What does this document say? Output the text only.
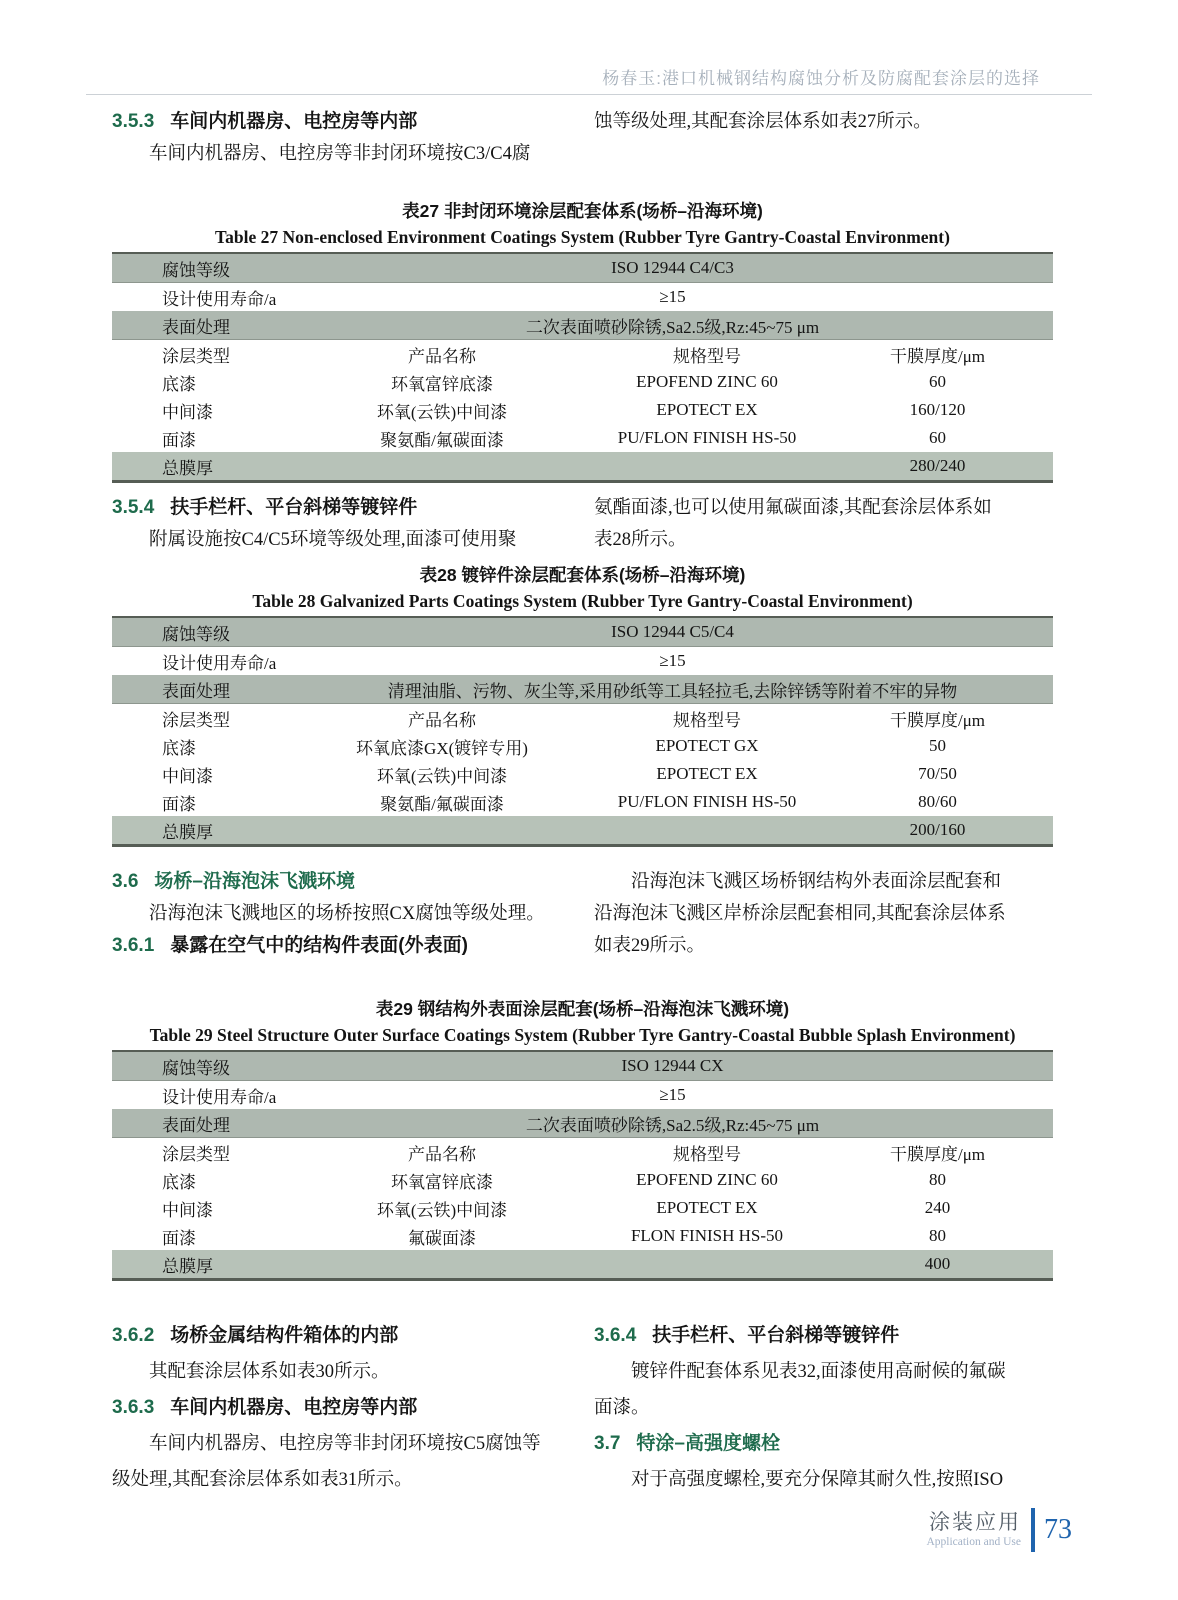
杨春玉:港口机械钢结构腐蚀分析及防腐配套涂层的选择
3.5.3 车间内机器房、电控房等内部
车间内机器房、电控房等非封闭环境按C3/C4腐
蚀等级处理,其配套涂层体系如表27所示。
表27 非封闭环境涂层配套体系(场桥–沿海环境)
Table 27 Non-enclosed Environment Coatings System (Rubber Tyre Gantry-Coastal Environment)
腐蚀等级	ISO 12944 C4/C3
设计使用寿命/a	≥15
表面处理	二次表面喷砂除锈,Sa2.5级,Rz:45~75 μm
涂层类型	产品名称	规格型号	干膜厚度/μm
底漆	环氧富锌底漆	EPOFEND ZINC 60	60
中间漆	环氧(云铁)中间漆	EPOTECT EX	160/120
面漆	聚氨酯/氟碳面漆	PU/FLON FINISH HS-50	60
总膜厚	280/240
3.5.4 扶手栏杆、平台斜梯等镀锌件
附属设施按C4/C5环境等级处理,面漆可使用聚
氨酯面漆,也可以使用氟碳面漆,其配套涂层体系如
表28所示。
表28 镀锌件涂层配套体系(场桥–沿海环境)
Table 28 Galvanized Parts Coatings System (Rubber Tyre Gantry-Coastal Environment)
腐蚀等级	ISO 12944 C5/C4
设计使用寿命/a	≥15
表面处理	清理油脂、污物、灰尘等,采用砂纸等工具轻拉毛,去除锌锈等附着不牢的异物
涂层类型	产品名称	规格型号	干膜厚度/μm
底漆	环氧底漆GX(镀锌专用)	EPOTECT GX	50
中间漆	环氧(云铁)中间漆	EPOTECT EX	70/50
面漆	聚氨酯/氟碳面漆	PU/FLON FINISH HS-50	80/60
总膜厚	200/160
3.6 场桥–沿海泡沫飞溅环境
沿海泡沫飞溅地区的场桥按照CX腐蚀等级处理。
3.6.1 暴露在空气中的结构件表面(外表面)
沿海泡沫飞溅区场桥钢结构外表面涂层配套和
沿海泡沫飞溅区岸桥涂层配套相同,其配套涂层体系
如表29所示。
表29 钢结构外表面涂层配套(场桥–沿海泡沫飞溅环境)
Table 29 Steel Structure Outer Surface Coatings System (Rubber Tyre Gantry-Coastal Bubble Splash Environment)
腐蚀等级	ISO 12944 CX
设计使用寿命/a	≥15
表面处理	二次表面喷砂除锈,Sa2.5级,Rz:45~75 μm
涂层类型	产品名称	规格型号	干膜厚度/μm
底漆	环氧富锌底漆	EPOFEND ZINC 60	80
中间漆	环氧(云铁)中间漆	EPOTECT EX	240
面漆	氟碳面漆	FLON FINISH HS-50	80
总膜厚	400
3.6.2 场桥金属结构件箱体的内部
其配套涂层体系如表30所示。
3.6.3 车间内机器房、电控房等内部
车间内机器房、电控房等非封闭环境按C5腐蚀等
级处理,其配套涂层体系如表31所示。
3.6.4 扶手栏杆、平台斜梯等镀锌件
镀锌件配套体系见表32,面漆使用高耐候的氟碳
面漆。
3.7 特涂–高强度螺栓
对于高强度螺栓,要充分保障其耐久性,按照ISO
涂装应用
Application and Use 73
